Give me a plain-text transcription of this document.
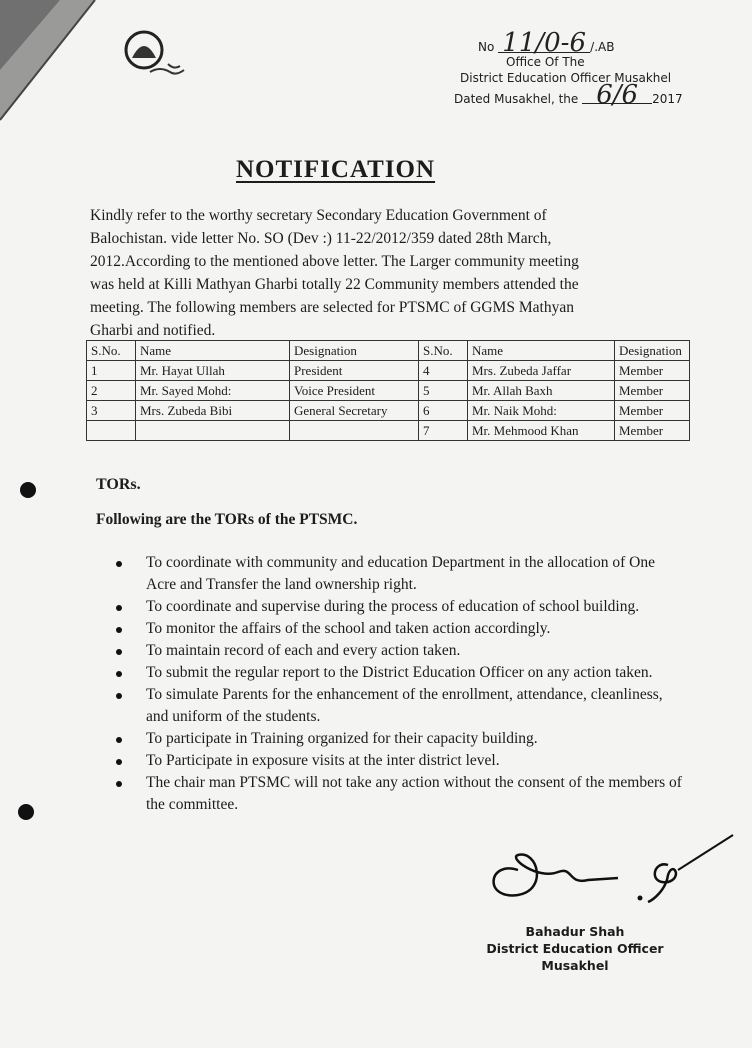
No 11/0-6 /.AB
Office Of The
District Education Officer Musakhel
Dated Musakhel, the 6/6 2017
NOTIFICATION
Kindly refer to the worthy secretary Secondary Education Government of
Balochistan. vide letter No. SO (Dev :) 11-22/2012/359 dated 28th March,
2012.According to the mentioned above letter. The Larger community meeting
was held at Killi Mathyan Gharbi totally 22 Community members attended the
meeting. The following members are selected for PTSMC of GGMS Mathyan
Gharbi and notified.
S.No.	Name	Designation	S.No.	Name	Designation
1	Mr. Hayat Ullah	President	4	Mrs. Zubeda Jaffar	Member
2	Mr. Sayed Mohd:	Voice President	5	Mr. Allah Baxh	Member
3	Mrs. Zubeda Bibi	General Secretary	6	Mr. Naik Mohd:	Member
			7	Mr. Mehmood Khan	Member
TORs.
Following are the TORs of the PTSMC.
To coordinate with community and education Department in the allocation of One Acre and Transfer the land ownership right.
To coordinate and supervise during the process of education of school building.
To monitor the affairs of the school and taken action accordingly.
To maintain record of each and every action taken.
To submit the regular report to the District Education Officer on any action taken.
To simulate Parents for the enhancement of the enrollment, attendance, cleanliness, and uniform of the students.
To participate in Training organized for their capacity building.
To Participate in exposure visits at the inter district level.
The chair man PTSMC will not take any action without the consent of the members of the committee.
Bahadur Shah
District Education Officer
Musakhel
